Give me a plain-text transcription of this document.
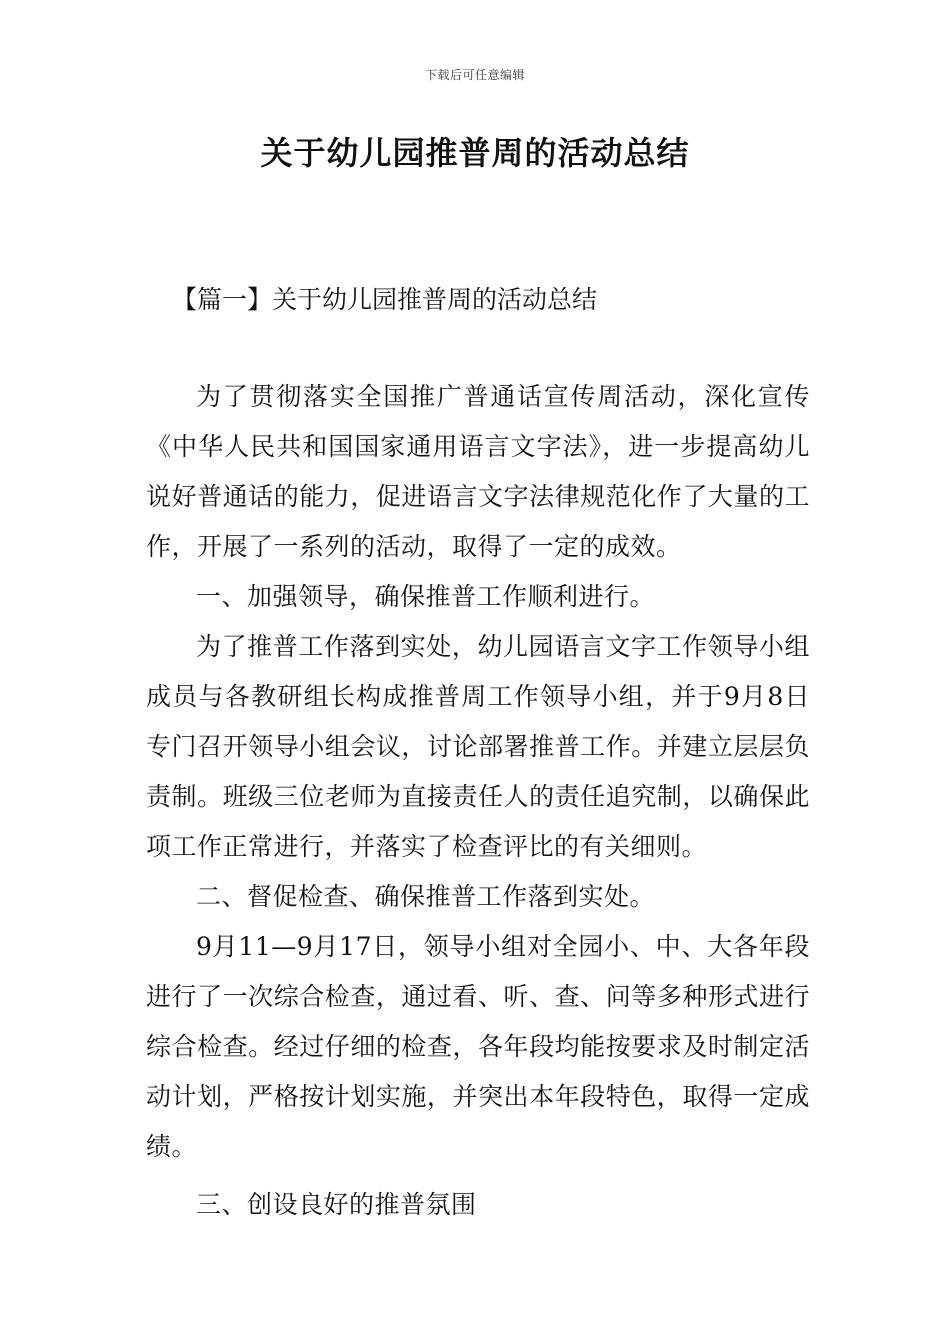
下载后可任意编辑
关于幼儿园推普周的活动总结
【篇一】关于幼儿园推普周的活动总结

为了贯彻落实全国推广普通话宣传周活动，深化宣传《中华人民共和国国家通用语言文字法》，进一步提高幼儿说好普通话的能力，促进语言文字法律规范化作了大量的工作，开展了一系列的活动，取得了一定的成效。

一、加强领导，确保推普工作顺利进行。

为了推普工作落到实处，幼儿园语言文字工作领导小组成员与各教研组长构成推普周工作领导小组，并于9月8日专门召开领导小组会议，讨论部署推普工作。并建立层层负责制。班级三位老师为直接责任人的责任追究制，以确保此项工作正常进行，并落实了检查评比的有关细则。

二、督促检查、确保推普工作落到实处。

9月11—9月17日，领导小组对全园小、中、大各年段进行了一次综合检查，通过看、听、查、问等多种形式进行综合检查。经过仔细的检查，各年段均能按要求及时制定活动计划，严格按计划实施，并突出本年段特色，取得一定成绩。

三、创设良好的推普氛围
